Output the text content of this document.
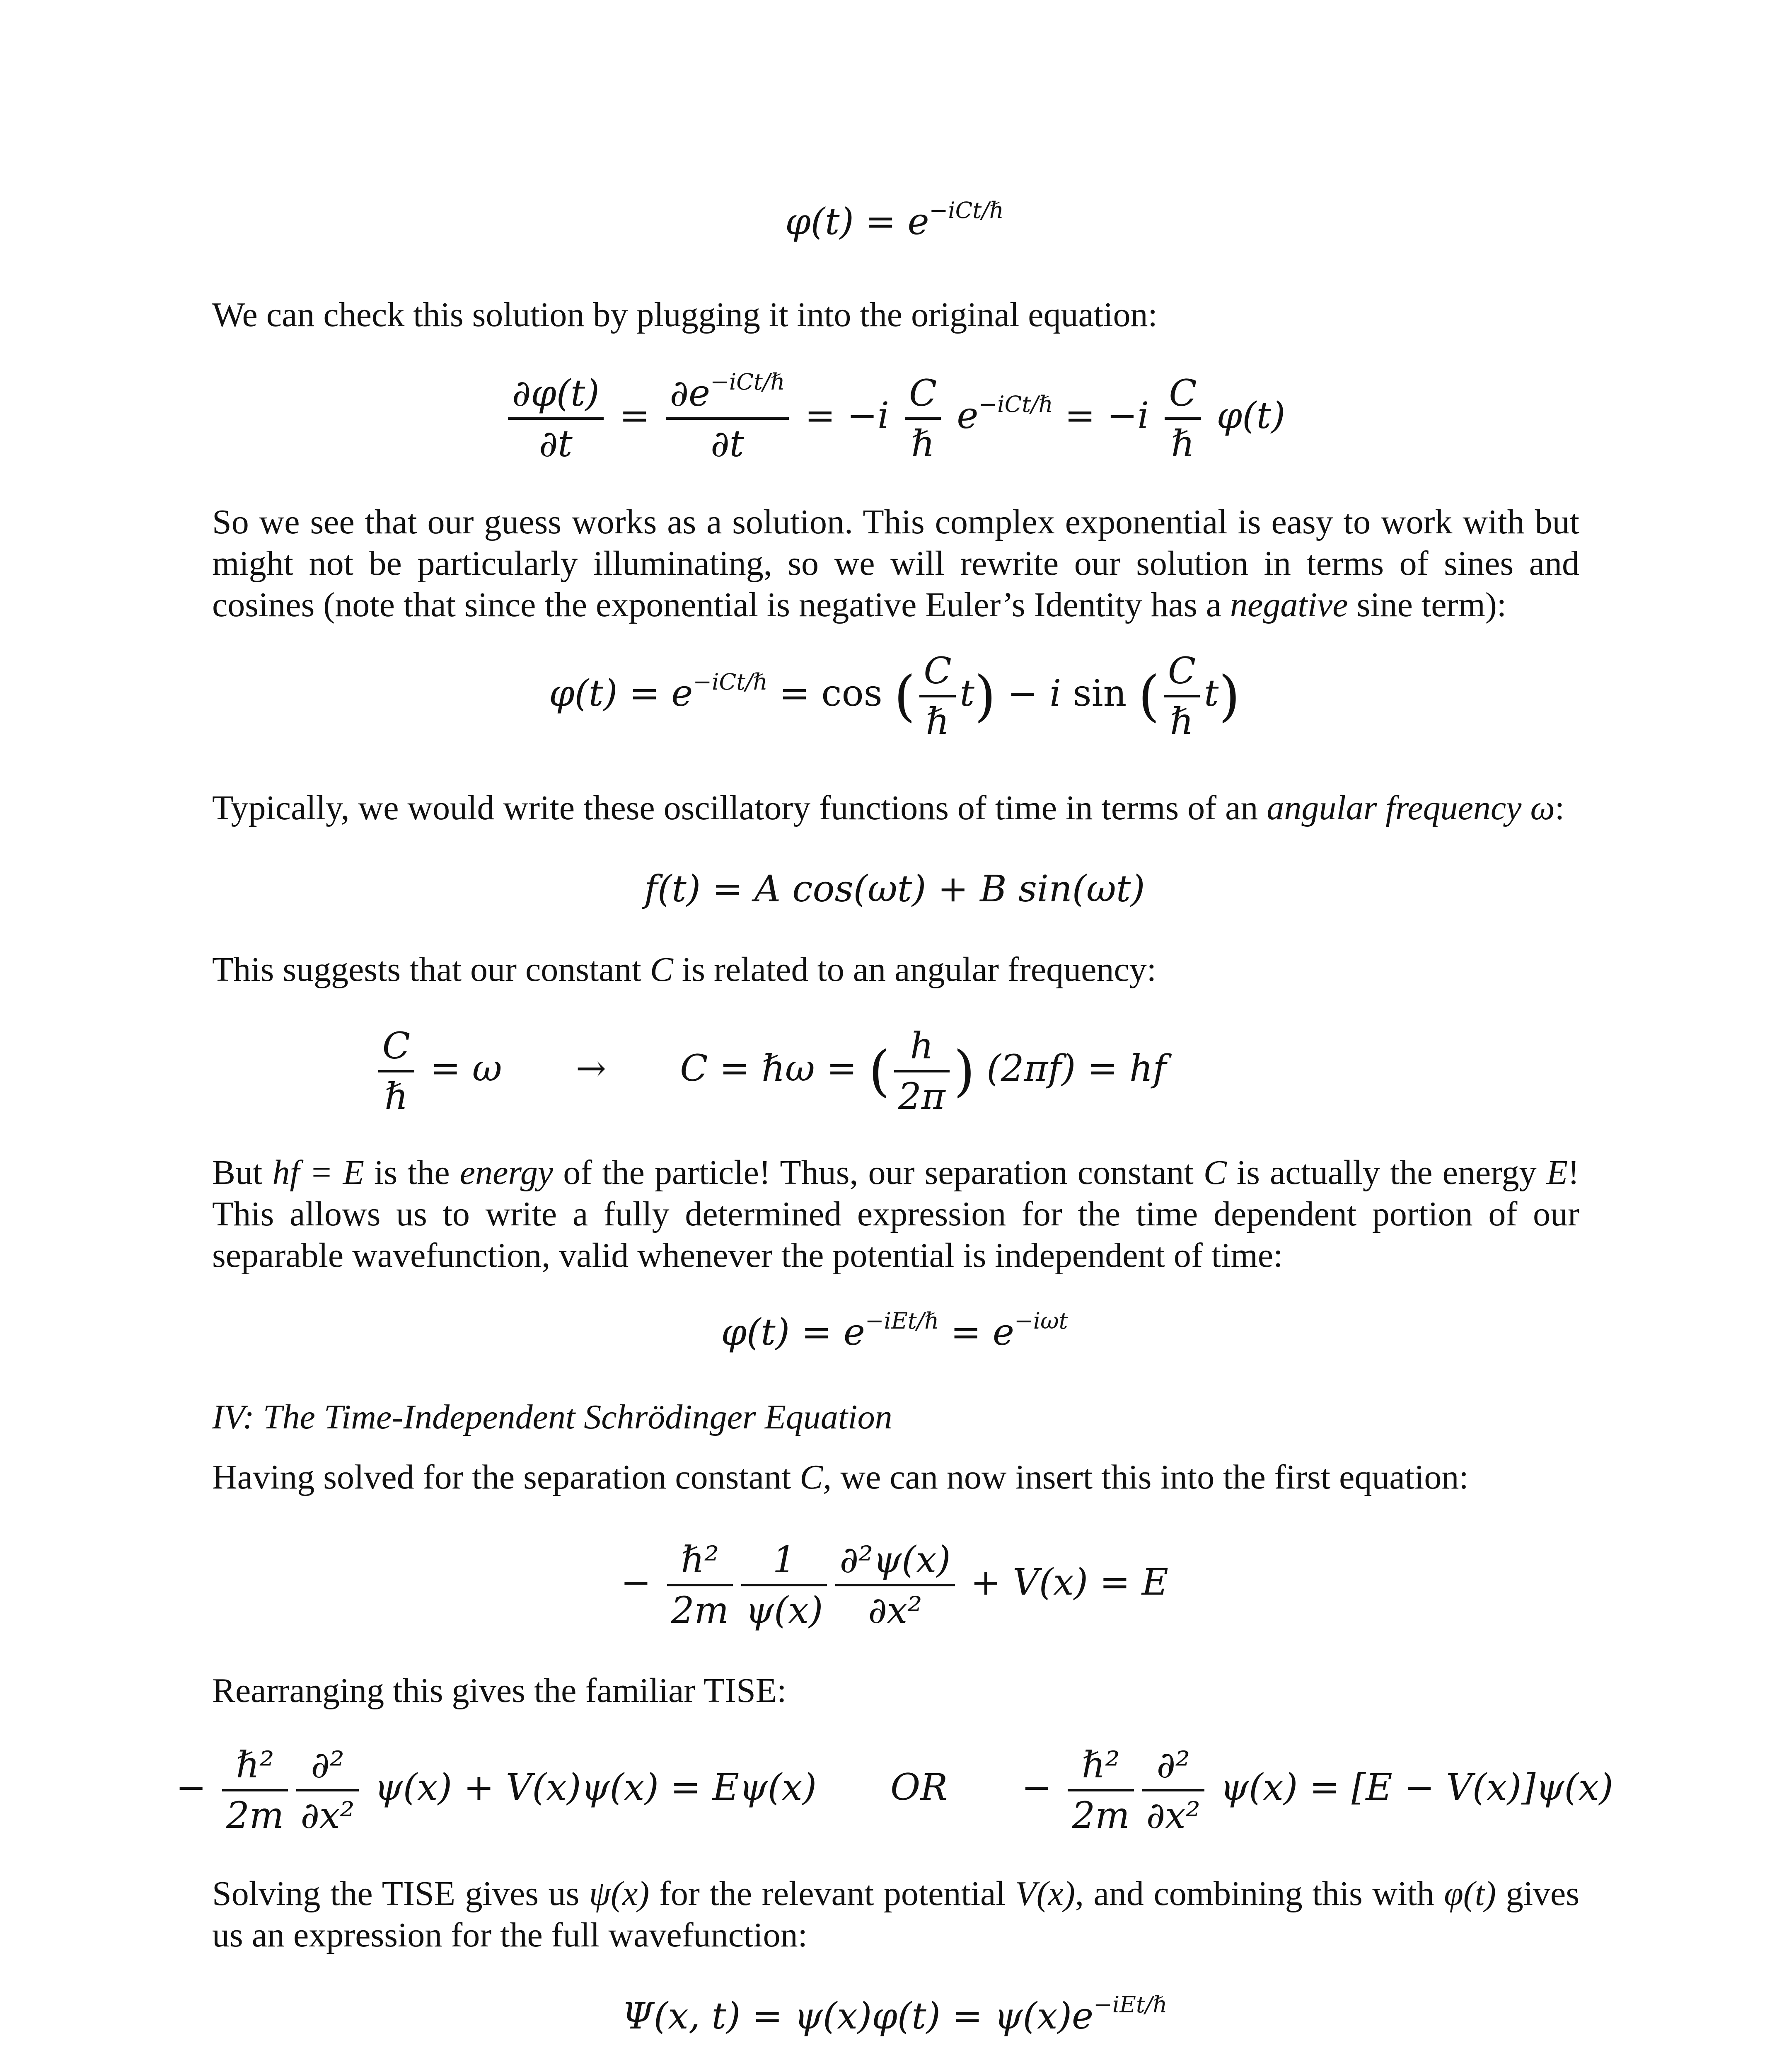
$\varphi(t) = e^{-iCt/\hbar}$

We can check this solution by plugging it into the original equation:

$\frac{\partial\varphi(t)}{\partial t} = \frac{\partial e^{-iCt/\hbar}}{\partial t} = -i \frac{C}{\text{ℏ}} e^{-iCt/\hbar} = -i \frac{C}{\text{ℏ}} \varphi(t)$

So we see that our guess works as a solution. This complex exponential is easy to work with but might not be particularly illuminating, so we will rewrite our solution in terms of sines and cosines (note that since the exponential is negative Euler’s Identity has a negative sine term):

$\varphi(t) = e^{-iCt/\hbar} = \cos$ ( $\frac{C}{\text{ℏ}} t) - i$ sin ( $\frac{C}{\text{ℏ}} t$)

Typically, we would write these oscillatory functions of time in terms of an angular frequency ω:

f(t) = A cos(ωt) + B sin(ωt)

This suggests that our constant C is related to an angular frequency:

$\frac{C}{\text{ℏ}} = \omega \to C$ = ℏω = ( $\frac{h}{2\pi}$ ) (2πf) = hf

But hf = E is the energy of the particle! Thus, our separation constant C is actually the energy E! This allows us to write a fully determined expression for the time dependent portion of our separable wavefunction, valid whenever the potential is independent of time:

$\varphi(t) = e^{-iEt/\hbar} = e^{-i\omega t}$

IV: The Time-Independent Schrödinger Equation

Having solved for the separation constant C, we can now insert this into the first equation:

− $\frac{\text{ℏ²}}{2m} \frac{1}{\psi(x)} \frac{\text{∂²ψ(x)}}{\text{∂x²}} + V(x) = E$

Rearranging this gives the familiar TISE:

− $\frac{\text{ℏ²}}{2m} \frac{\text{∂²}}{\text{∂x²}} \psi(x) + V(x)\psi(x) = E\psi(x)$ OR − $\frac{\text{ℏ²}}{2m} \frac{\text{∂²}}{\text{∂x²}} \psi(x) = [E - V(x)]\psi(x)$

Solving the TISE gives us ψ(x) for the relevant potential V(x), and combining this with φ(t) gives us an expression for the full wavefunction:

Ψ(x, $t) = \psi(x)\varphi(t) = \psi(x)e^{-iEt/\hbar}$
